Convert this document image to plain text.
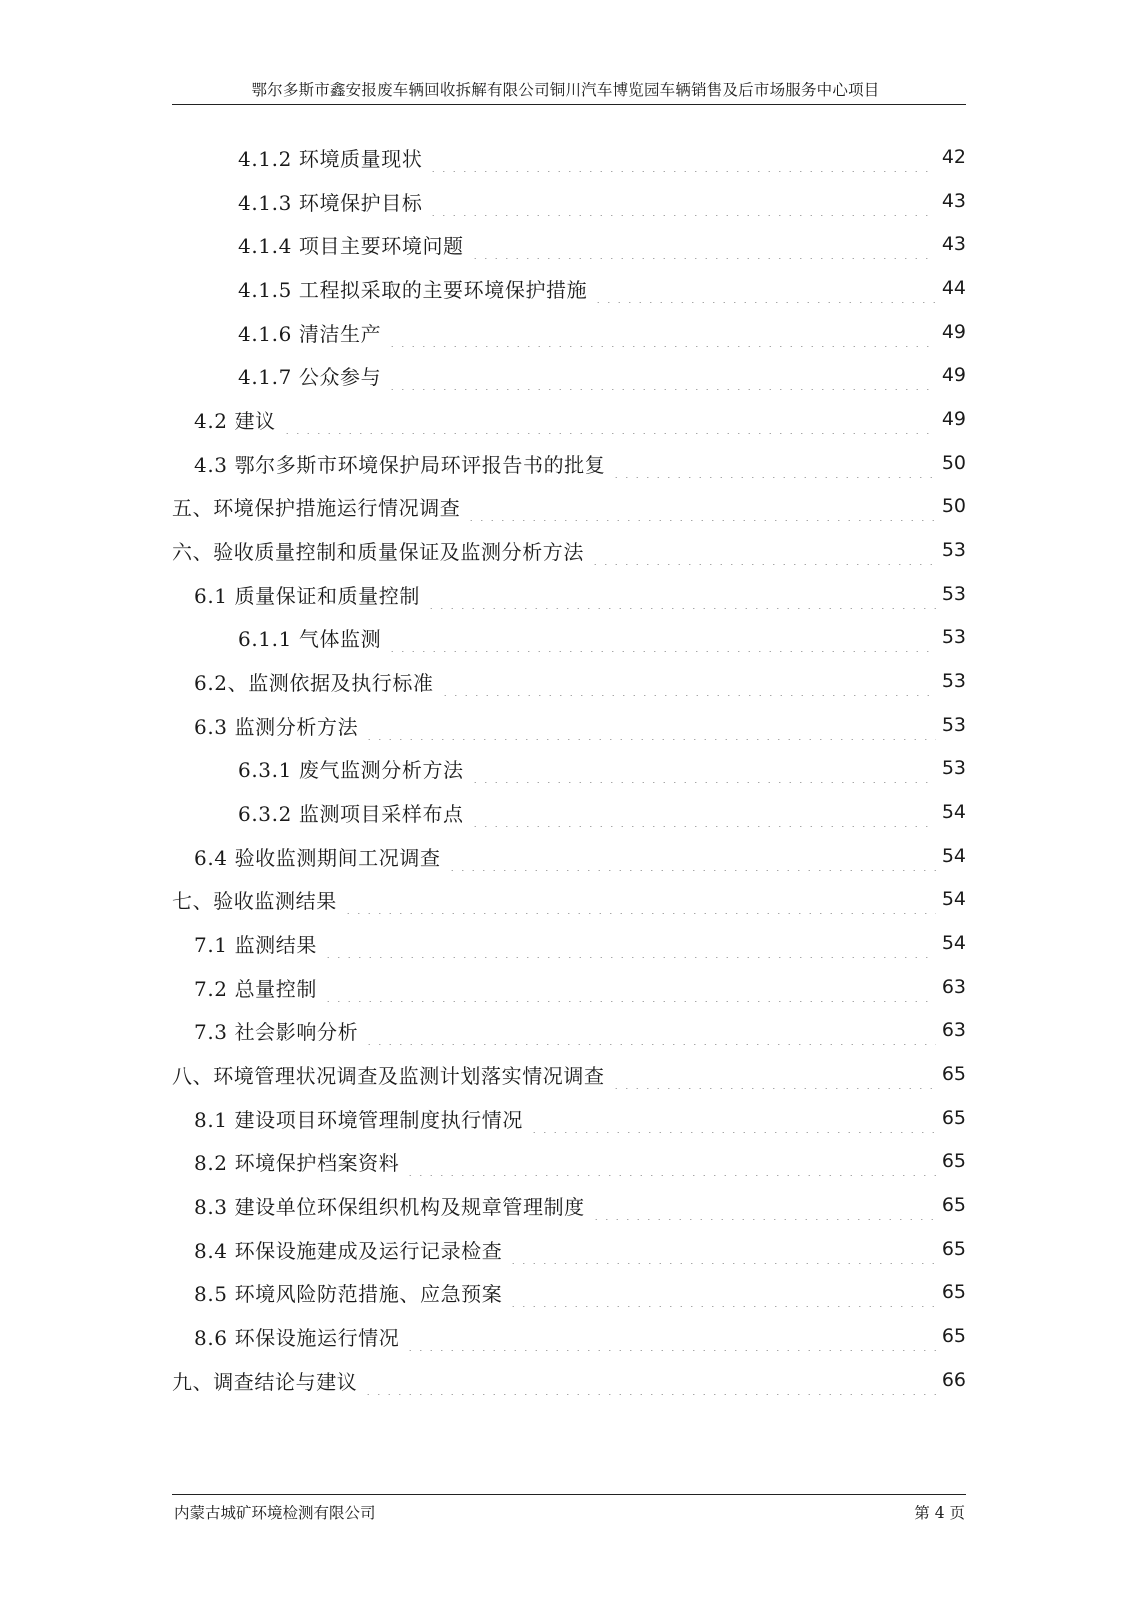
鄂尔多斯市鑫安报废车辆回收拆解有限公司铜川汽车博览园车辆销售及后市场服务中心项目
4.1.2 环境质量现状	42
4.1.3 环境保护目标	43
4.1.4 项目主要环境问题	43
4.1.5 工程拟采取的主要环境保护措施	44
4.1.6 清洁生产	49
4.1.7 公众参与	49
4.2 建议	49
4.3 鄂尔多斯市环境保护局环评报告书的批复	50
五、环境保护措施运行情况调查	50
六、验收质量控制和质量保证及监测分析方法	53
6.1 质量保证和质量控制	53
6.1.1 气体监测	53
6.2、监测依据及执行标准	53
6.3 监测分析方法	53
6.3.1 废气监测分析方法	53
6.3.2 监测项目采样布点	54
6.4 验收监测期间工况调查	54
七、验收监测结果	54
7.1 监测结果	54
7.2 总量控制	63
7.3 社会影响分析	63
八、环境管理状况调查及监测计划落实情况调查	65
8.1 建设项目环境管理制度执行情况	65
8.2 环境保护档案资料	65
8.3 建设单位环保组织机构及规章管理制度	65
8.4 环保设施建成及运行记录检查	65
8.5 环境风险防范措施、应急预案	65
8.6 环保设施运行情况	65
九、调查结论与建议	66
内蒙古城矿环境检测有限公司	第 4 页
